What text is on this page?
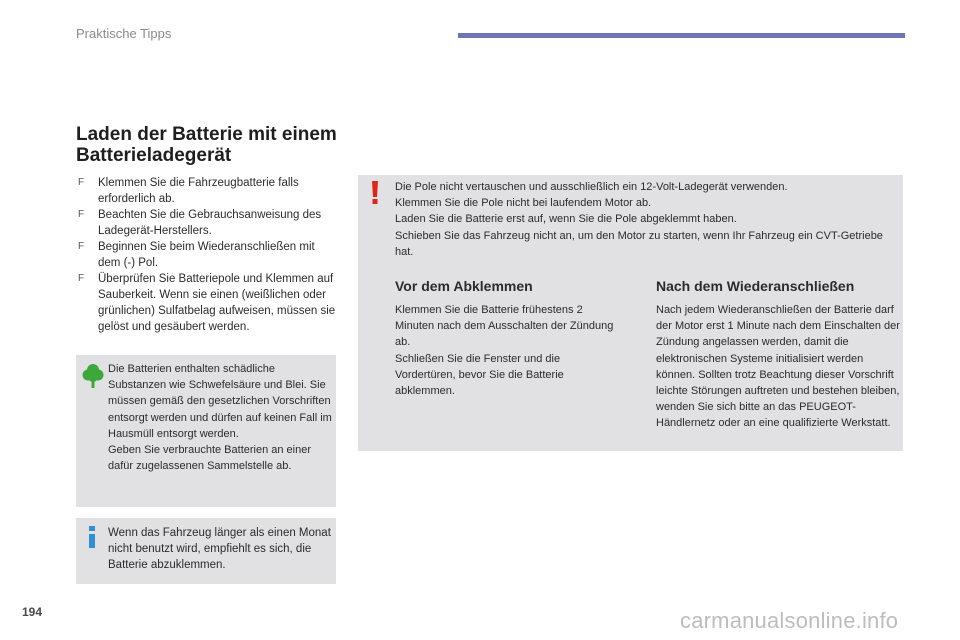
Praktische Tipps
Laden der Batterie mit einem Batterieladegerät
F Klemmen Sie die Fahrzeugbatterie falls erforderlich ab.
F Beachten Sie die Gebrauchsanweisung des Ladegerät-Herstellers.
F Beginnen Sie beim Wiederanschließen mit dem (-) Pol.
F Überprüfen Sie Batteriepole und Klemmen auf Sauberkeit. Wenn sie einen (weißlichen oder grünlichen) Sulfatbelag aufweisen, müssen sie gelöst und gesäubert werden.
Die Batterien enthalten schädliche Substanzen wie Schwefelsäure und Blei. Sie müssen gemäß den gesetzlichen Vorschriften entsorgt werden und dürfen auf keinen Fall im Hausmüll entsorgt werden.
Geben Sie verbrauchte Batterien an einer dafür zugelassenen Sammelstelle ab.
Wenn das Fahrzeug länger als einen Monat nicht benutzt wird, empfiehlt es sich, die Batterie abzuklemmen.
Die Pole nicht vertauschen und ausschließlich ein 12-Volt-Ladegerät verwenden.
Klemmen Sie die Pole nicht bei laufendem Motor ab.
Laden Sie die Batterie erst auf, wenn Sie die Pole abgeklemmt haben.
Schieben Sie das Fahrzeug nicht an, um den Motor zu starten, wenn Ihr Fahrzeug ein CVT-Getriebe hat.
Vor dem Abklemmen
Klemmen Sie die Batterie frühestens 2 Minuten nach dem Ausschalten der Zündung ab.
Schließen Sie die Fenster und die Vordertüren, bevor Sie die Batterie abklemmen.
Nach dem Wiederanschließen
Nach jedem Wiederanschließen der Batterie darf der Motor erst 1 Minute nach dem Einschalten der Zündung angelassen werden, damit die elektronischen Systeme initialisiert werden können. Sollten trotz Beachtung dieser Vorschrift leichte Störungen auftreten und bestehen bleiben, wenden Sie sich bitte an das PEUGEOT-Händlernetz oder an eine qualifizierte Werkstatt.
194	carmanualsonline.info
